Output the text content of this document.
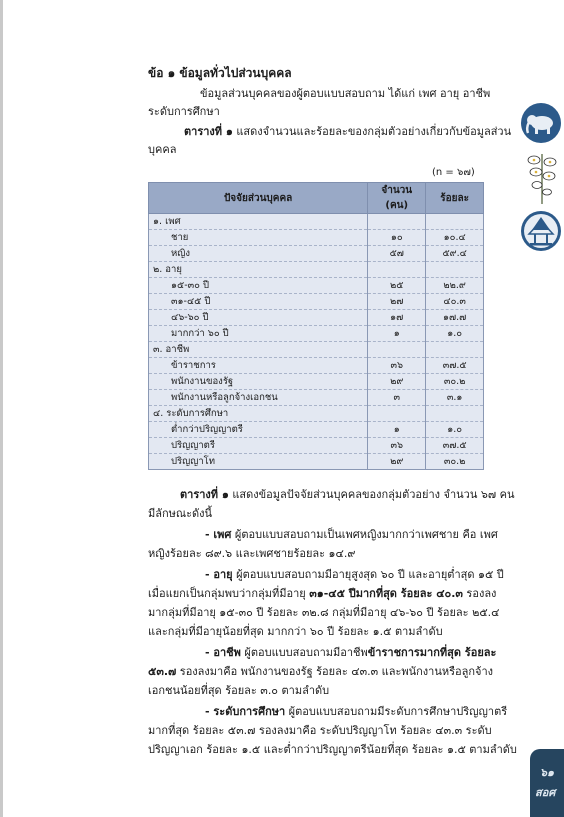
ข้อ ๑ ข้อมูลทั่วไปส่วนบุคคล
ข้อมูลส่วนบุคคลของผู้ตอบแบบสอบถาม ได้แก่ เพศ อายุ อาชีพ
ระดับการศึกษา
ตารางที่ ๑ แสดงจำนวนและร้อยละของกลุ่มตัวอย่างเกี่ยวกับข้อมูลส่วน
บุคคล
(n = ๖๗)
ปัจจัยส่วนบุคคล	จำนวน (คน)	ร้อยละ
๑. เพศ		
ชาย	๑๐	๑๐.๔
หญิง	๕๗	๕๙.๔
๒. อายุ		
๑๕-๓๐ ปี	๒๕	๒๒.๙
๓๑-๔๕ ปี	๒๗	๔๐.๓
๔๖-๖๐ ปี	๑๗	๑๗.๗
มากกว่า ๖๐ ปี	๑	๑.๐
๓. อาชีพ		
ข้าราชการ	๓๖	๓๗.๕
พนักงานของรัฐ	๒๙	๓๐.๒
พนักงานหรือลูกจ้างเอกชน	๓	๓.๑
๔. ระดับการศึกษา		
ต่ำกว่าปริญญาตรี	๑	๑.๐
ปริญญาตรี	๓๖	๓๗.๕
ปริญญาโท	๒๙	๓๐.๒
ตารางที่ ๑ แสดงข้อมูลปัจจัยส่วนบุคคลของกลุ่มตัวอย่าง จำนวน ๖๗ คน
มีลักษณะดังนี้
- เพศ ผู้ตอบแบบสอบถามเป็นเพศหญิงมากกว่าเพศชาย คือ เพศ
หญิงร้อยละ ๘๙.๖ และเพศชายร้อยละ ๑๔.๙
- อายุ ผู้ตอบแบบสอบถามมีอายุสูงสุด ๖๐ ปี และอายุต่ำสุด ๑๕ ปี
เมื่อแยกเป็นกลุ่มพบว่ากลุ่มที่มีอายุ ๓๑-๔๕ ปีมากที่สุด ร้อยละ ๔๐.๓ รองลง
มากลุ่มที่มีอายุ ๑๕-๓๐ ปี ร้อยละ ๓๒.๘ กลุ่มที่มีอายุ ๔๖-๖๐ ปี ร้อยละ ๒๕.๔
และกลุ่มที่มีอายุน้อยที่สุด มากกว่า ๖๐ ปี ร้อยละ ๑.๕ ตามลำดับ
- อาชีพ ผู้ตอบแบบสอบถามมีอาชีพข้าราชการมากที่สุด ร้อยละ
๕๓.๗ รองลงมาคือ พนักงานของรัฐ ร้อยละ ๔๓.๓ และพนักงานหรือลูกจ้าง
เอกชนน้อยที่สุด ร้อยละ ๓.๐ ตามลำดับ
- ระดับการศึกษา ผู้ตอบแบบสอบถามมีระดับการศึกษาปริญญาตรี
มากที่สุด ร้อยละ ๕๓.๗ รองลงมาคือ ระดับปริญญาโท ร้อยละ ๔๓.๓ ระดับ
ปริญญาเอก ร้อยละ ๑.๕ และต่ำกว่าปริญญาตรีน้อยที่สุด ร้อยละ ๑.๕ ตามลำดับ
๖๑
สอศ
